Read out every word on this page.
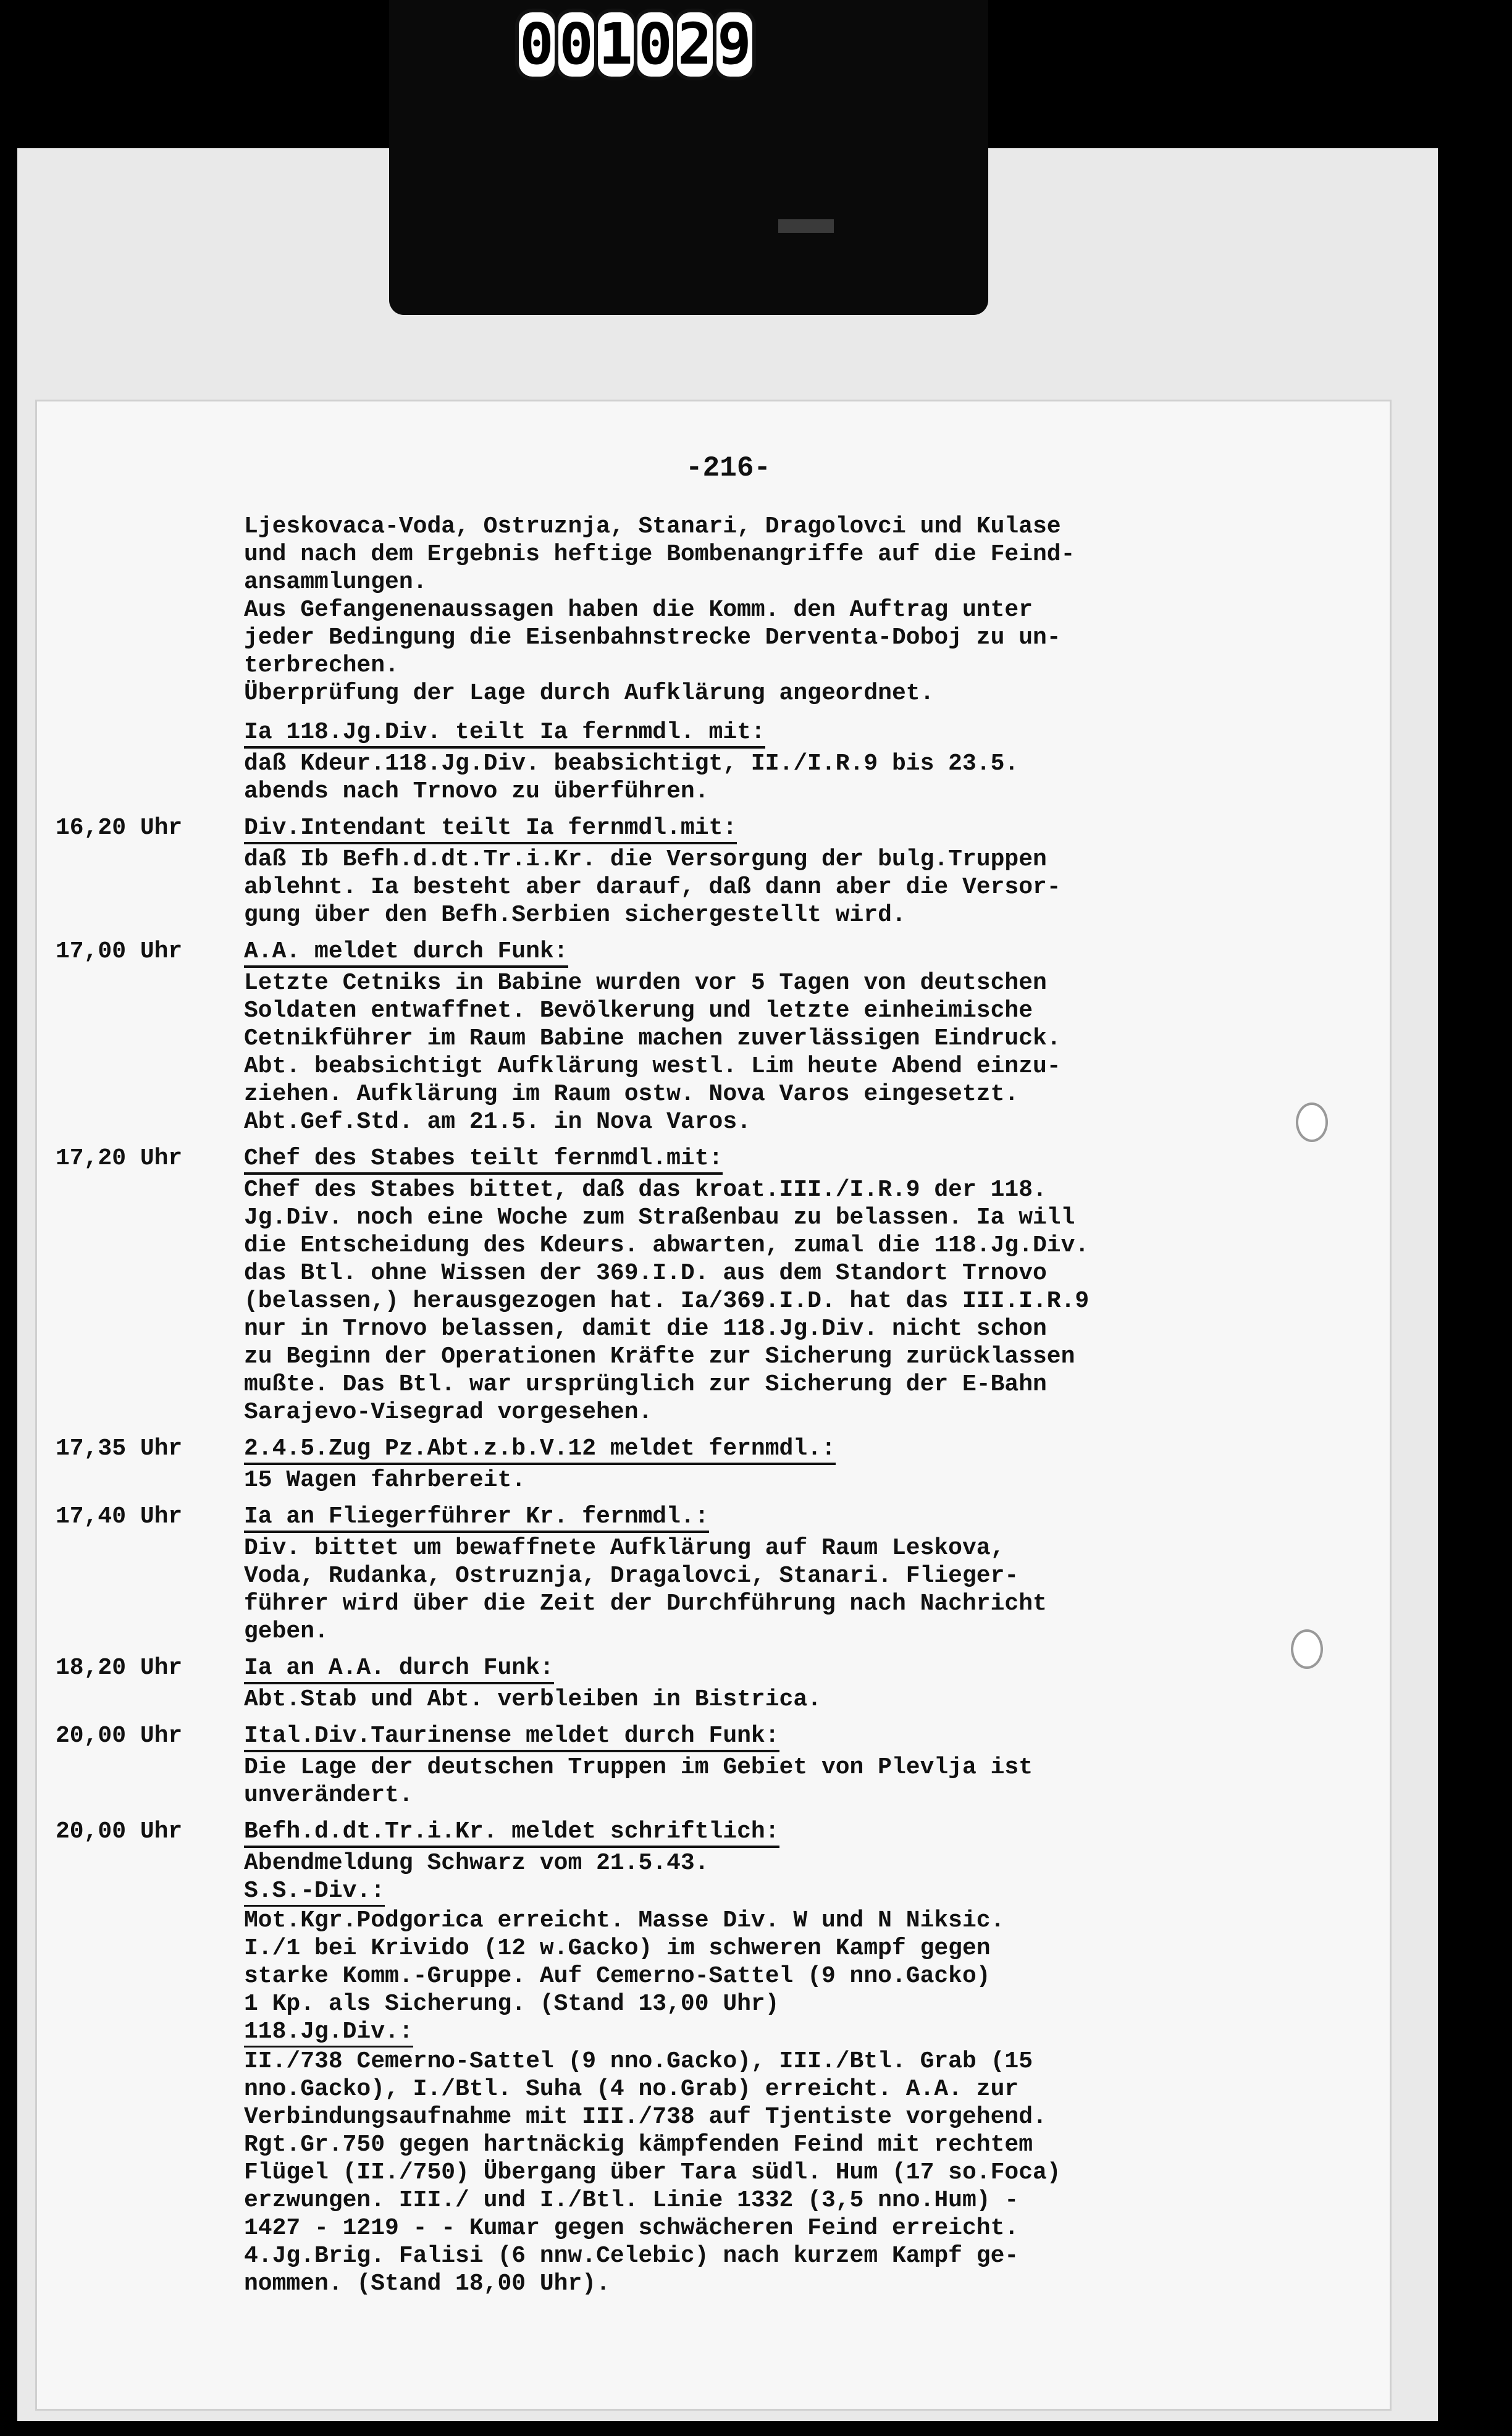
-216-
Ljeskovaca-Voda, Ostruznja, Stanari, Dragolovci und Kulase
und nach dem Ergebnis heftige Bombenangriffe auf die Feind-
ansammlungen.
Aus Gefangenenaussagen haben die Komm. den Auftrag unter
jeder Bedingung die Eisenbahnstrecke Derventa-Doboj zu un-
terbrechen.
Überprüfung der Lage durch Aufklärung angeordnet.
Ia 118.Jg.Div. teilt Ia fernmdl. mit:
daß Kdeur.118.Jg.Div. beabsichtigt, II./I.R.9 bis 23.5.
abends nach Trnovo zu überführen.
16,20 Uhr	Div.Intendant teilt Ia fernmdl.mit:
daß Ib Befh.d.dt.Tr.i.Kr. die Versorgung der bulg.Truppen
ablehnt. Ia besteht aber darauf, daß dann aber die Versor-
gung über den Befh.Serbien sichergestellt wird.
17,00 Uhr	A.A. meldet durch Funk:
Letzte Cetniks in Babine wurden vor 5 Tagen von deutschen
Soldaten entwaffnet. Bevölkerung und letzte einheimische
Cetnikführer im Raum Babine machen zuverlässigen Eindruck.
Abt. beabsichtigt Aufklärung westl. Lim heute Abend einzu-
ziehen. Aufklärung im Raum ostw. Nova Varos eingesetzt.
Abt.Gef.Std. am 21.5. in Nova Varos.
17,20 Uhr	Chef des Stabes teilt fernmdl.mit:
Chef des Stabes bittet, daß das kroat.III./I.R.9 der 118.
Jg.Div. noch eine Woche zum Straßenbau zu belassen. Ia will
die Entscheidung des Kdeurs. abwarten, zumal die 118.Jg.Div.
das Btl. ohne Wissen der 369.I.D. aus dem Standort Trnovo
(belassen,) herausgezogen hat. Ia/369.I.D. hat das III.I.R.9
nur in Trnovo belassen, damit die 118.Jg.Div. nicht schon
zu Beginn der Operationen Kräfte zur Sicherung zurücklassen
mußte. Das Btl. war ursprünglich zur Sicherung der E-Bahn
Sarajevo-Visegrad vorgesehen.
17,35 Uhr	2.4.5.Zug Pz.Abt.z.b.V.12 meldet fernmdl.:
15 Wagen fahrbereit.
17,40 Uhr	Ia an Fliegerführer Kr. fernmdl.:
Div. bittet um bewaffnete Aufklärung auf Raum Leskova,
Voda, Rudanka, Ostruznja, Dragalovci, Stanari. Flieger-
führer wird über die Zeit der Durchführung nach Nachricht
geben.
18,20 Uhr	Ia an A.A. durch Funk:
Abt.Stab und Abt. verbleiben in Bistrica.
20,00 Uhr	Ital.Div.Taurinense meldet durch Funk:
Die Lage der deutschen Truppen im Gebiet von Plevlja ist
unverändert.
20,00 Uhr	Befh.d.dt.Tr.i.Kr. meldet schriftlich:
Abendmeldung Schwarz vom 21.5.43.
S.S.-Div.:
Mot.Kgr.Podgorica erreicht. Masse Div. W und N Niksic.
I./1 bei Krivido (12 w.Gacko) im schweren Kampf gegen
starke Komm.-Gruppe. Auf Cemerno-Sattel (9 nno.Gacko)
1 Kp. als Sicherung. (Stand 13,00 Uhr)
118.Jg.Div.:
II./738 Cemerno-Sattel (9 nno.Gacko), III./Btl. Grab (15
nno.Gacko), I./Btl. Suha (4 no.Grab) erreicht. A.A. zur
Verbindungsaufnahme mit III./738 auf Tjentiste vorgehend.
Rgt.Gr.750 gegen hartnäckig kämpfenden Feind mit rechtem
Flügel (II./750) Übergang über Tara südl. Hum (17 so.Foca)
erzwungen. III./ und I./Btl. Linie 1332 (3,5 nno.Hum) -
1427 - 1219 - - Kumar gegen schwächeren Feind erreicht.
4.Jg.Brig. Falisi (6 nnw.Celebic) nach kurzem Kampf ge-
nommen. (Stand 18,00 Uhr).
0 0 1 0 2 9
